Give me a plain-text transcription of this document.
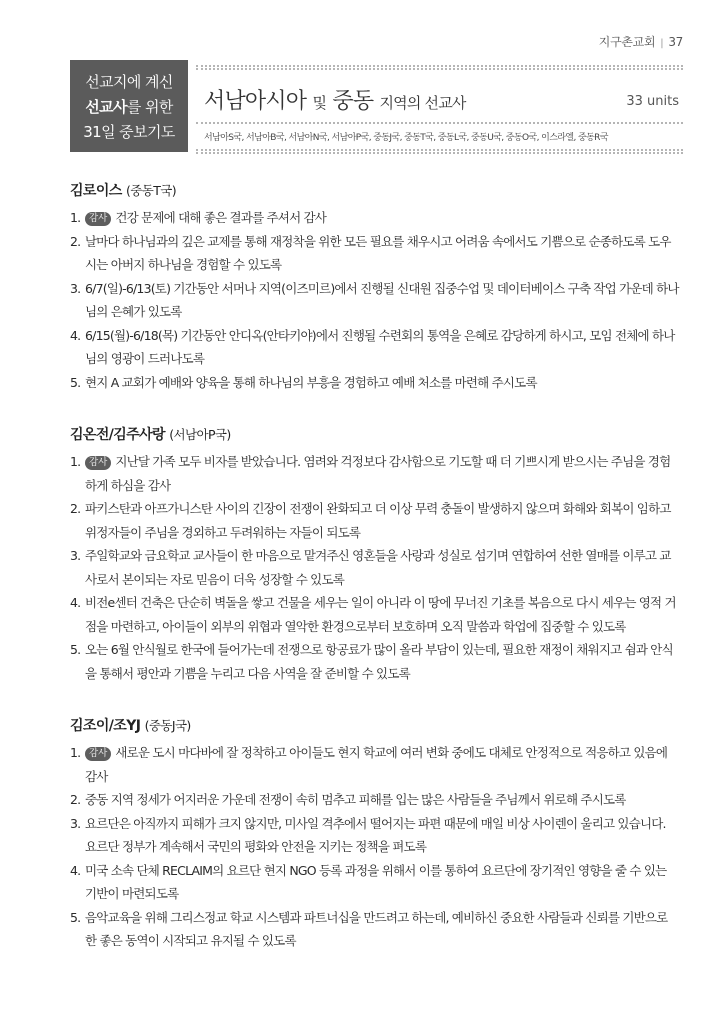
지구촌교회 | 37
선교지에 계신
선교사를 위한
31일 중보기도
서남아시아 및 중동 지역의 선교사	33 units
서남아S국, 서남아B국, 서남아N국, 서남아P국, 중동J국, 중동T국, 중동L국, 중동U국, 중동O국, 이스라엘, 중동R국
김로이스 (중동T국)
1. 감사 건강 문제에 대해 좋은 결과를 주셔서 감사
2. 날마다 하나님과의 깊은 교제를 통해 재정착을 위한 모든 필요를 채우시고 어려움 속에서도 기쁨으로 순종하도록 도우시는 아버지 하나님을 경험할 수 있도록
3. 6/7(일)-6/13(토) 기간동안 서머나 지역(이즈미르)에서 진행될 신대원 집중수업 및 데이터베이스 구축 작업 가운데 하나님의 은혜가 있도록
4. 6/15(월)-6/18(목) 기간동안 안디옥(안타키야)에서 진행될 수련회의 통역을 은혜로 감당하게 하시고, 모임 전체에 하나님의 영광이 드러나도록
5. 현지 A 교회가 예배와 양육을 통해 하나님의 부흥을 경험하고 예배 처소를 마련해 주시도록
김온전/김주사랑 (서남아P국)
1. 감사 지난달 가족 모두 비자를 받았습니다. 염려와 걱정보다 감사함으로 기도할 때 더 기쁘시게 받으시는 주님을 경험하게 하심을 감사
2. 파키스탄과 아프가니스탄 사이의 긴장이 전쟁이 완화되고 더 이상 무력 충돌이 발생하지 않으며 화해와 회복이 임하고 위정자들이 주님을 경외하고 두려워하는 자들이 되도록
3. 주일학교와 금요학교 교사들이 한 마음으로 맡겨주신 영혼들을 사랑과 성실로 섬기며 연합하여 선한 열매를 이루고 교사로서 본이되는 자로 믿음이 더욱 성장할 수 있도록
4. 비전e센터 건축은 단순히 벽돌을 쌓고 건물을 세우는 일이 아니라 이 땅에 무너진 기초를 복음으로 다시 세우는 영적 거점을 마련하고, 아이들이 외부의 위협과 열악한 환경으로부터 보호하며 오직 말씀과 학업에 집중할 수 있도록
5. 오는 6월 안식월로 한국에 들어가는데 전쟁으로 항공료가 많이 올라 부담이 있는데, 필요한 재정이 채워지고 쉼과 안식을 통해서 평안과 기쁨을 누리고 다음 사역을 잘 준비할 수 있도록
김조이/조YJ (중동J국)
1. 감사 새로운 도시 마다바에 잘 정착하고 아이들도 현지 학교에 여러 변화 중에도 대체로 안정적으로 적응하고 있음에 감사
2. 중동 지역 정세가 어지러운 가운데 전쟁이 속히 멈추고 피해를 입는 많은 사람들을 주님께서 위로해 주시도록
3. 요르단은 아직까지 피해가 크지 않지만, 미사일 격추에서 떨어지는 파편 때문에 매일 비상 사이렌이 울리고 있습니다. 요르단 정부가 계속해서 국민의 평화와 안전을 지키는 정책을 펴도록
4. 미국 소속 단체 RECLAIM의 요르단 현지 NGO 등록 과정을 위해서 이를 통하여 요르단에 장기적인 영향을 줄 수 있는 기반이 마련되도록
5. 음악교육을 위해 그리스정교 학교 시스템과 파트너십을 만드려고 하는데, 예비하신 중요한 사람들과 신뢰를 기반으로 한 좋은 동역이 시작되고 유지될 수 있도록
